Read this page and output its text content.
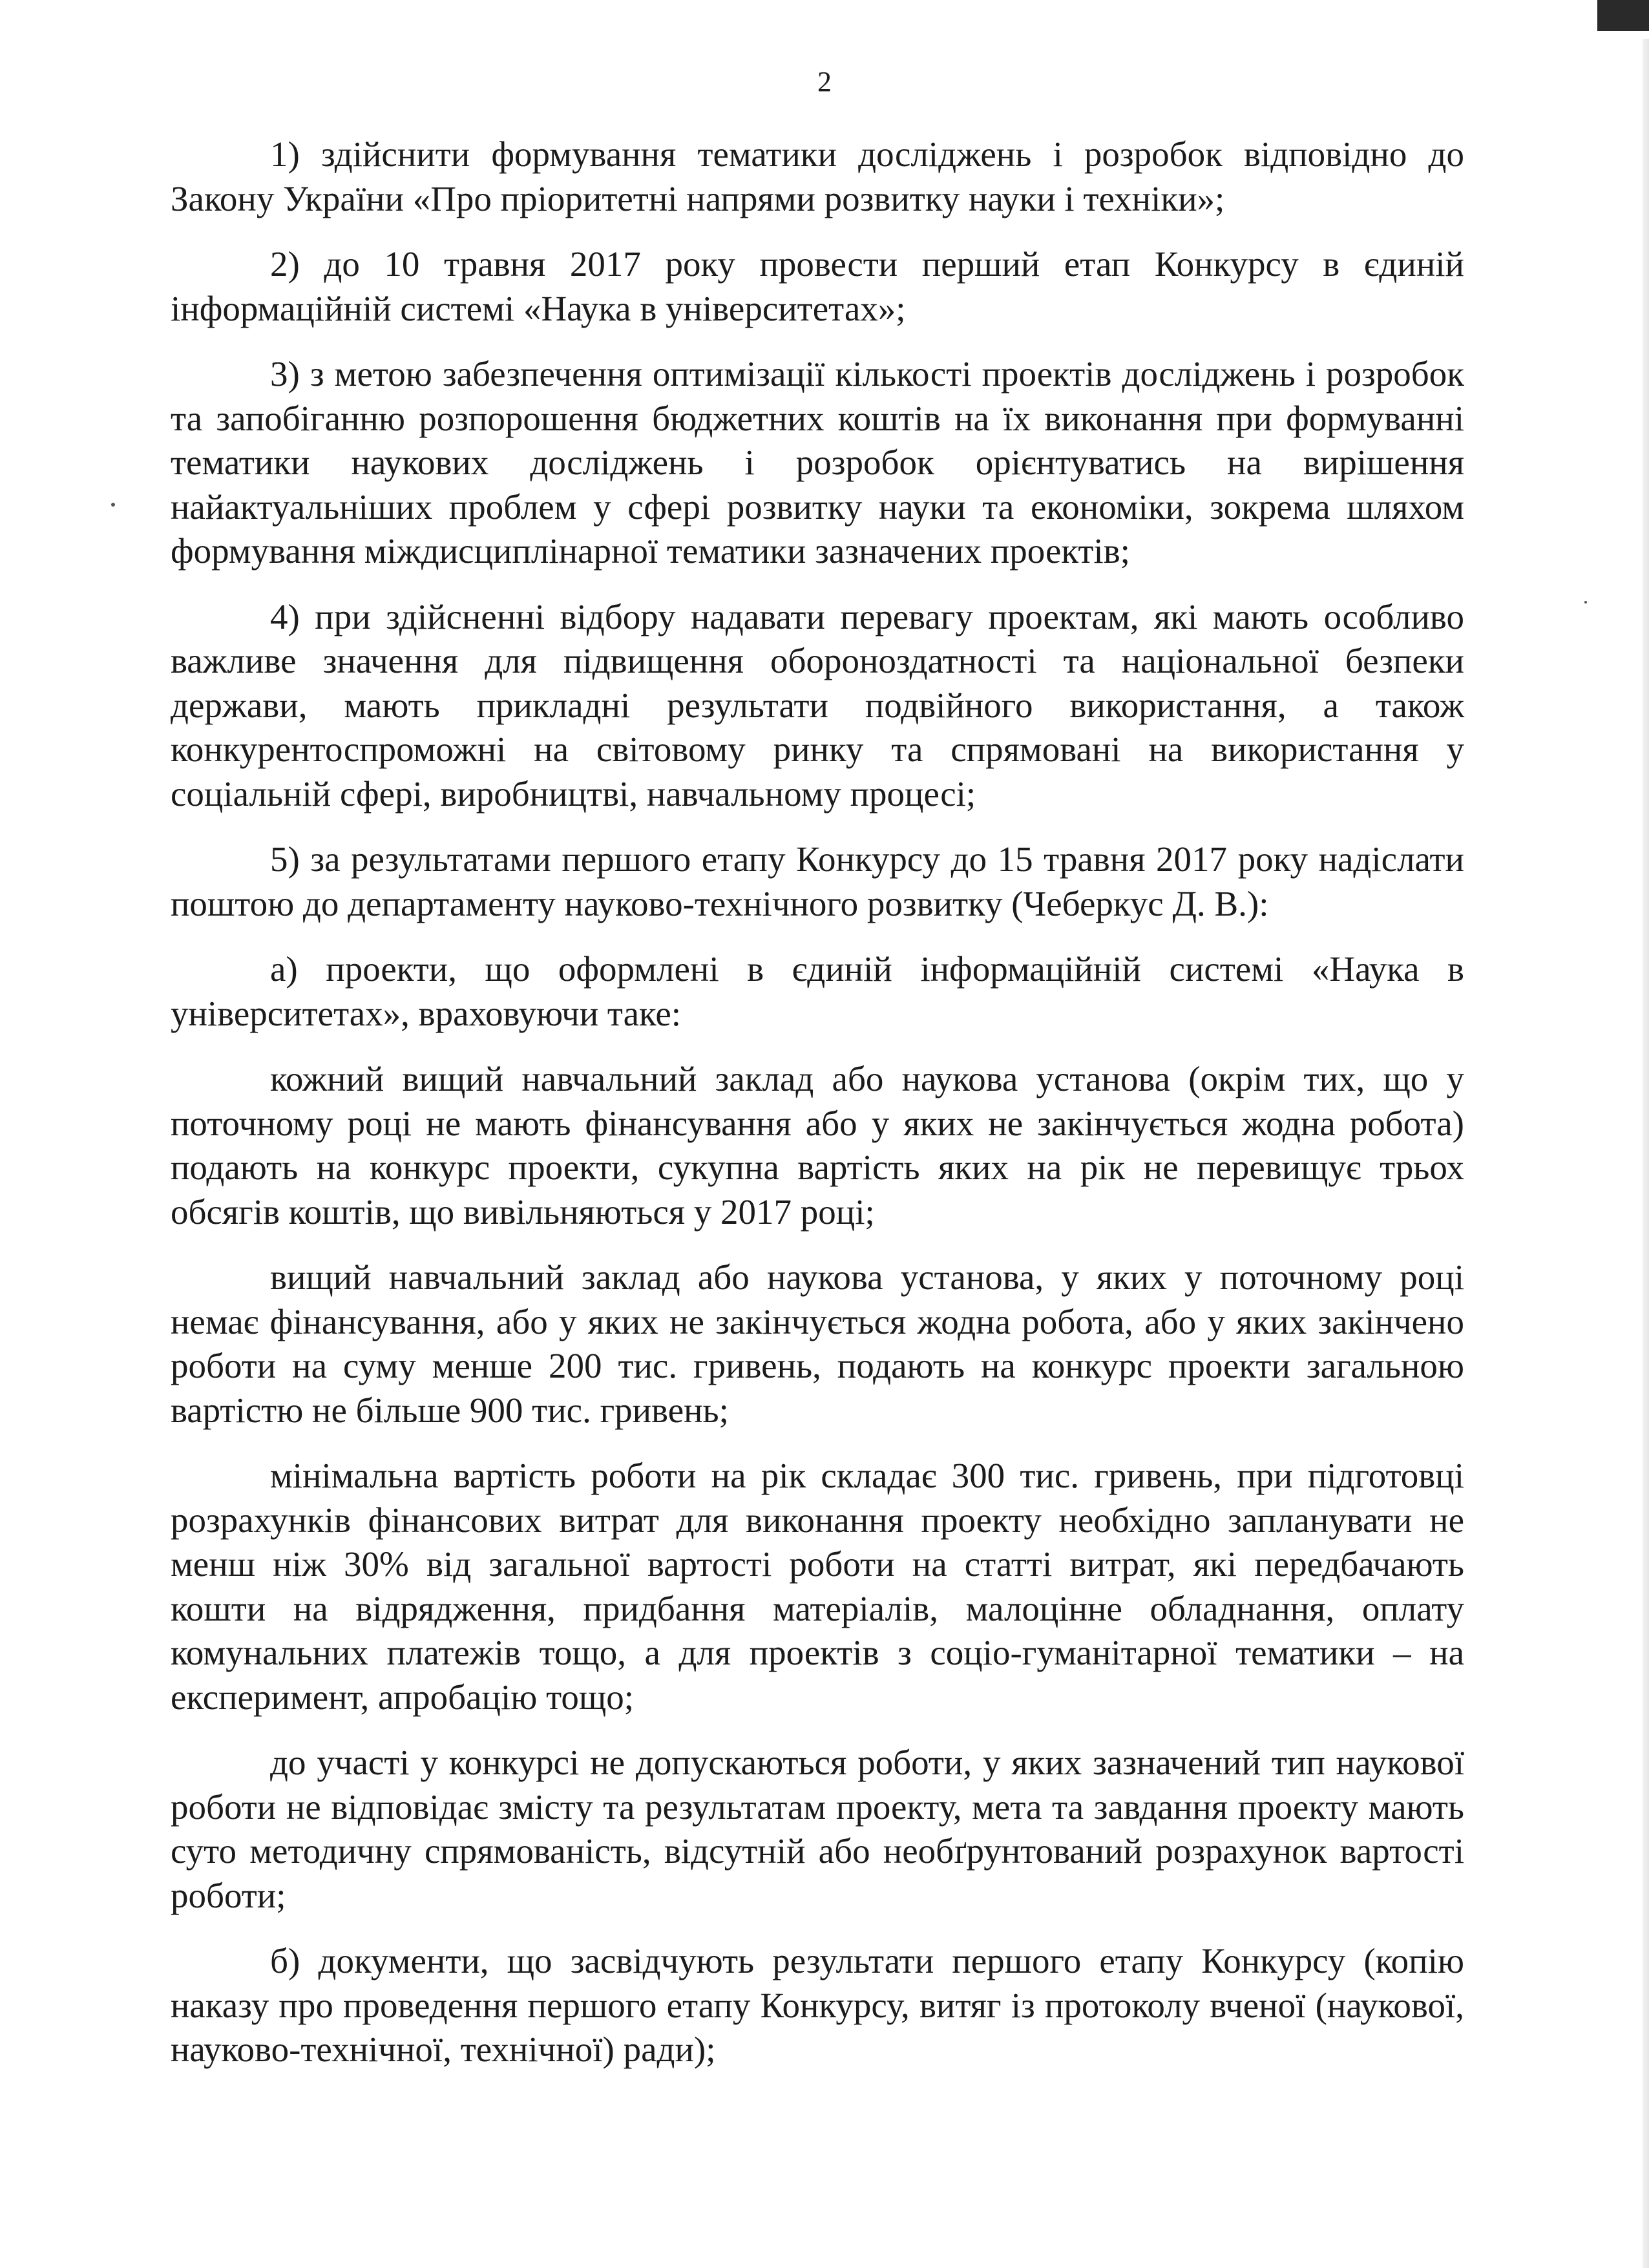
2

1) здійснити формування тематики досліджень і розробок відповідно до Закону України «Про пріоритетні напрями розвитку науки і техніки»;

2) до 10 травня 2017 року провести перший етап Конкурсу в єдиній інформаційній системі «Наука в університетах»;

3) з метою забезпечення оптимізації кількості проектів досліджень і розробок та запобіганню розпорошення бюджетних коштів на їх виконання при формуванні тематики наукових досліджень і розробок орієнтуватись на вирішення найактуальніших проблем у сфері розвитку науки та економіки, зокрема шляхом формування міждисциплінарної тематики зазначених проектів;

4) при здійсненні відбору надавати перевагу проектам, які мають особливо важливе значення для підвищення обороноздатності та національної безпеки держави, мають прикладні результати подвійного використання, а також конкурентоспроможні на світовому ринку та спрямовані на використання у соціальній сфері, виробництві, навчальному процесі;

5) за результатами першого етапу Конкурсу до 15 травня 2017 року надіслати поштою до департаменту науково-технічного розвитку (Чеберкус Д. В.):

а) проекти, що оформлені в єдиній інформаційній системі «Наука в університетах», враховуючи таке:

кожний вищий навчальний заклад або наукова установа (окрім тих, що у поточному році не мають фінансування або у яких не закінчується жодна робота) подають на конкурс проекти, сукупна вартість яких на рік не перевищує трьох обсягів коштів, що вивільняються у 2017 році;

вищий навчальний заклад або наукова установа, у яких у поточному році немає фінансування, або у яких не закінчується жодна робота, або у яких закінчено роботи на суму менше 200 тис. гривень, подають на конкурс проекти загальною вартістю не більше 900 тис. гривень;

мінімальна вартість роботи на рік складає 300 тис. гривень, при підготовці розрахунків фінансових витрат для виконання проекту необхідно запланувати не менш ніж 30% від загальної вартості роботи на статті витрат, які передбачають кошти на відрядження, придбання матеріалів, малоцінне обладнання, оплату комунальних платежів тощо, а для проектів з соціо-гуманітарної тематики – на експеримент, апробацію тощо;

до участі у конкурсі не допускаються роботи, у яких зазначений тип наукової роботи не відповідає змісту та результатам проекту, мета та завдання проекту мають суто методичну спрямованість, відсутній або необґрунтований розрахунок вартості роботи;

б) документи, що засвідчують результати першого етапу Конкурсу (копію наказу про проведення першого етапу Конкурсу, витяг із протоколу вченої (наукової, науково-технічної, технічної) ради);
